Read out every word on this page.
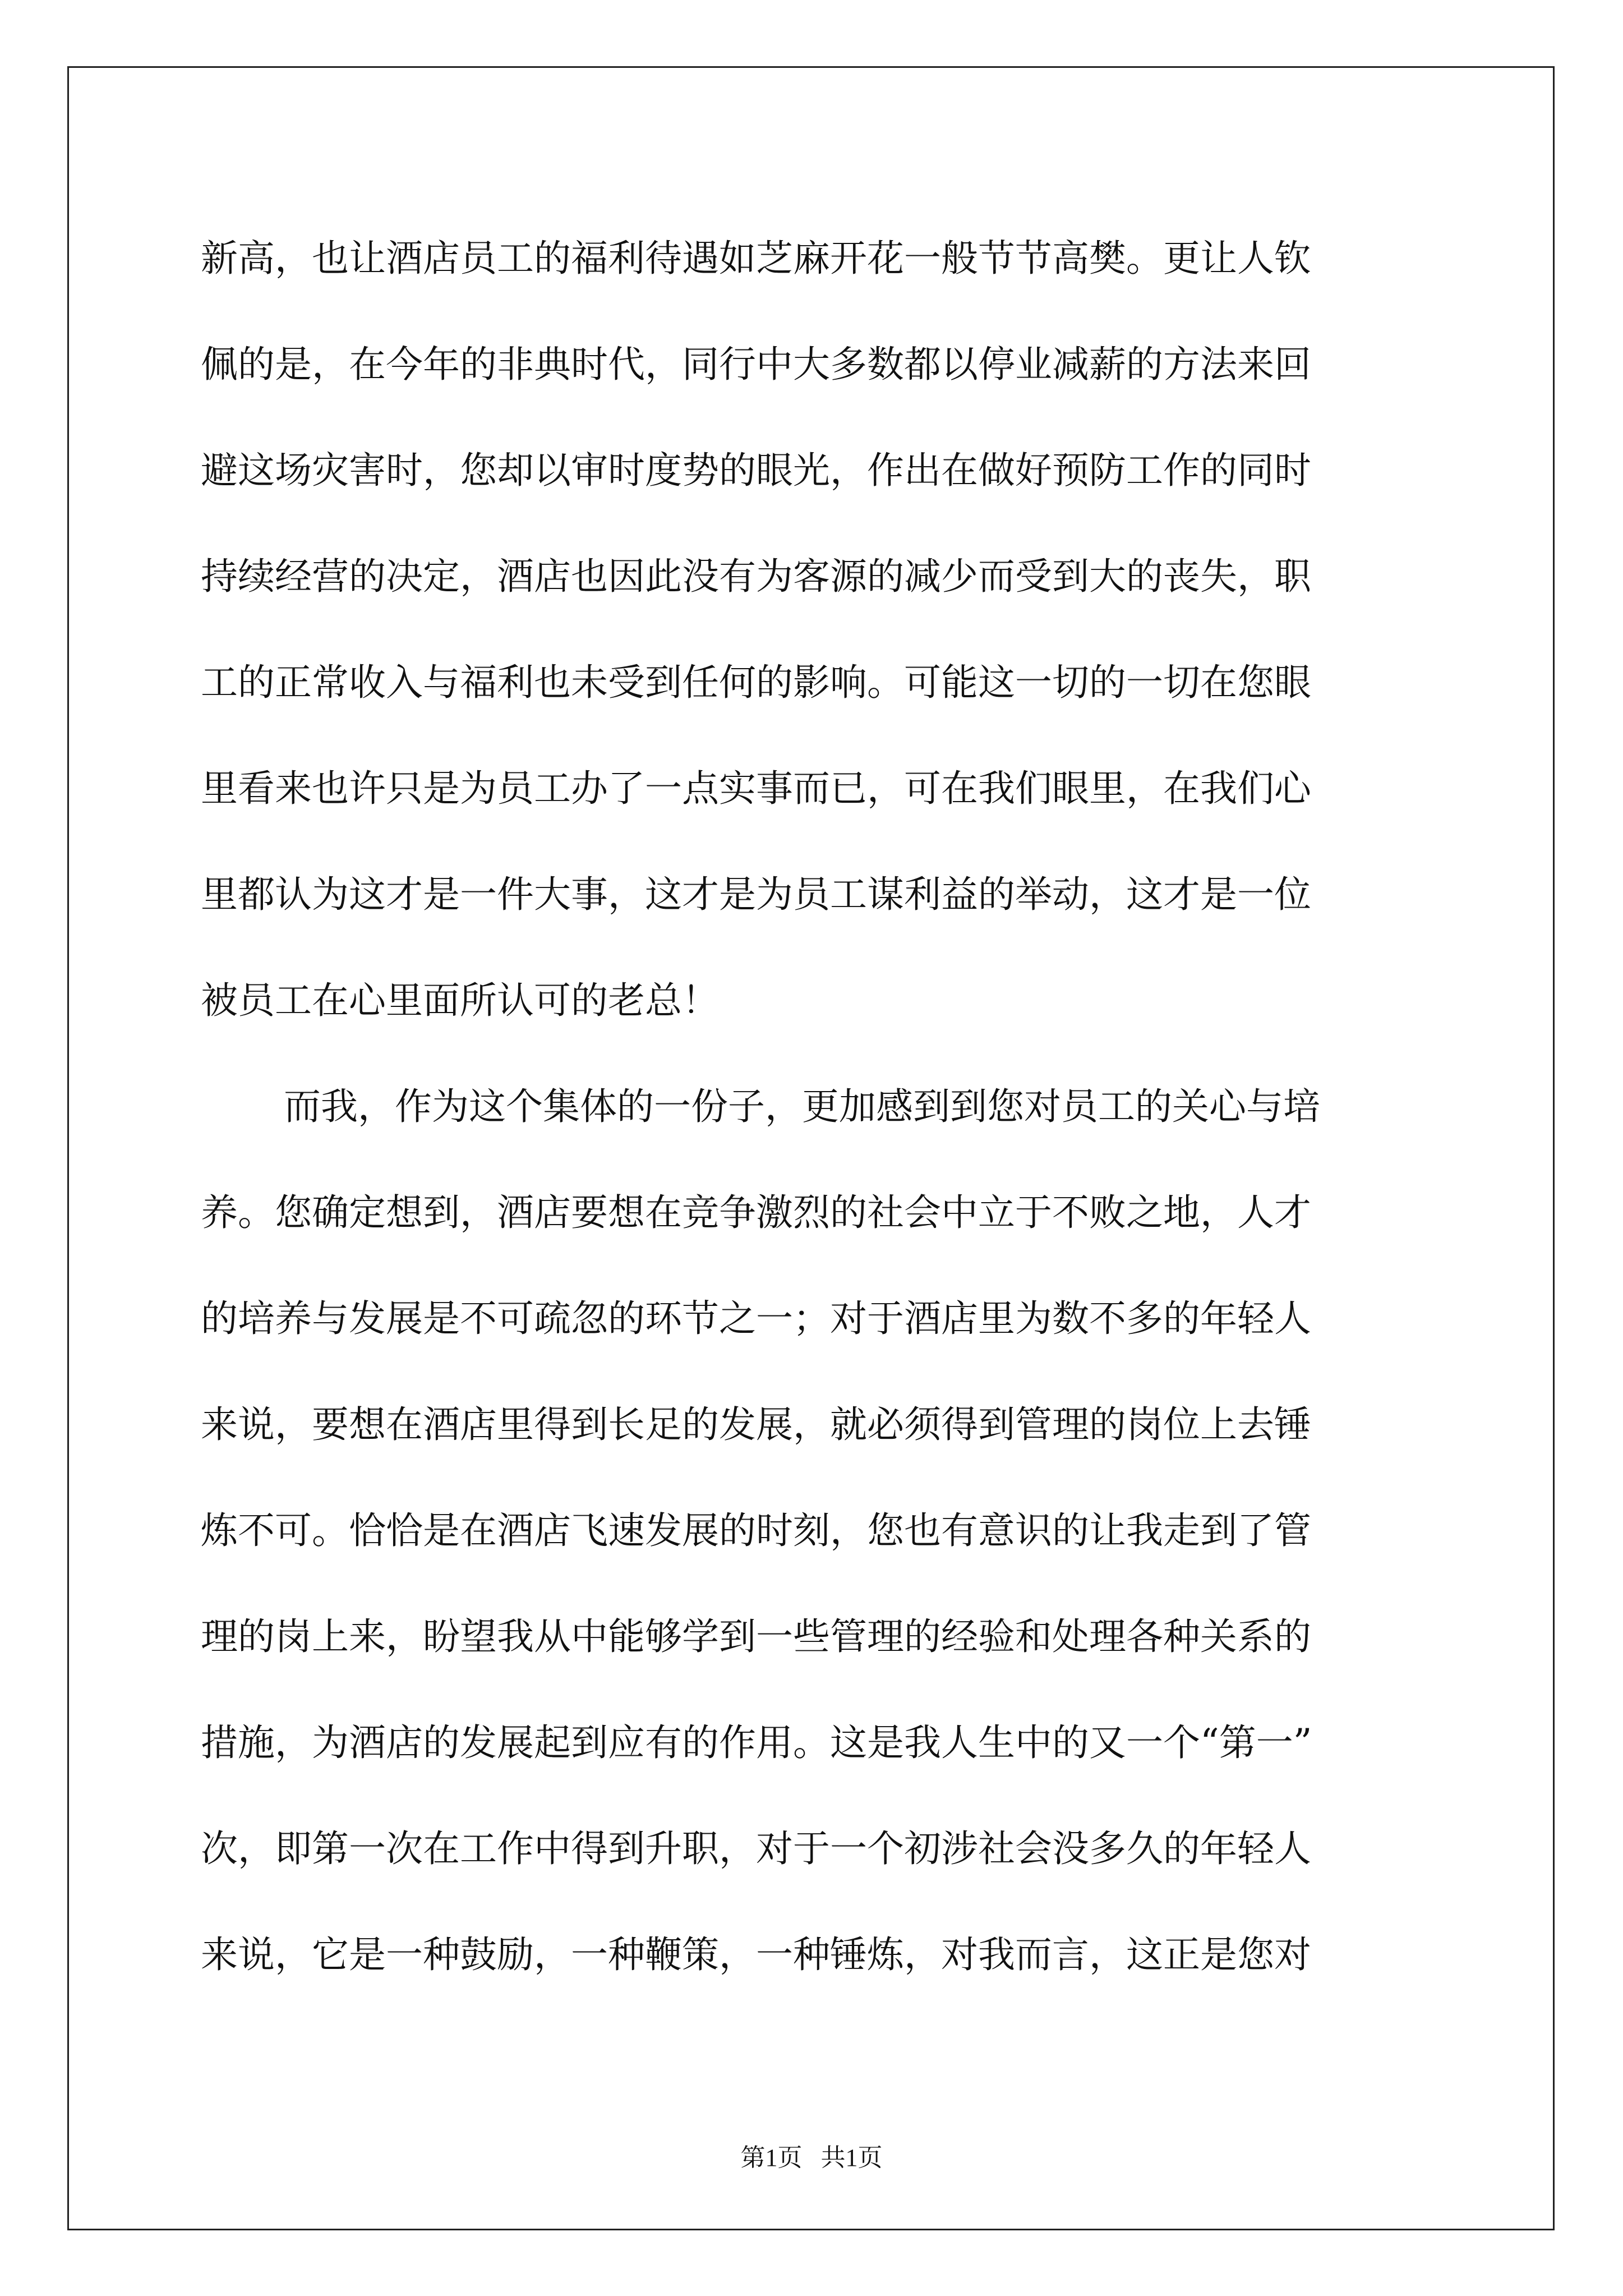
新高，也让酒店员工的福利待遇如芝麻开花一般节节高樊。更让人钦
佩的是，在今年的非典时代，同行中大多数都以停业减薪的方法来回
避这场灾害时，您却以审时度势的眼光，作出在做好预防工作的同时
持续经营的决定，酒店也因此没有为客源的减少而受到大的丧失，职
工的正常收入与福利也未受到任何的影响。可能这一切的一切在您眼
里看来也许只是为员工办了一点实事而已，可在我们眼里，在我们心
里都认为这才是一件大事，这才是为员工谋利益的举动，这才是一位
被员工在心里面所认可的老总！
而我，作为这个集体的一份子，更加感到到您对员工的关心与培
养。您确定想到，酒店要想在竞争激烈的社会中立于不败之地，人才
的培养与发展是不可疏忽的环节之一；对于酒店里为数不多的年轻人
来说，要想在酒店里得到长足的发展，就必须得到管理的岗位上去锤
炼不可。恰恰是在酒店飞速发展的时刻，您也有意识的让我走到了管
理的岗上来，盼望我从中能够学到一些管理的经验和处理各种关系的
措施，为酒店的发展起到应有的作用。这是我人生中的又一个“第一”
次，即第一次在工作中得到升职，对于一个初涉社会没多久的年轻人
来说，它是一种鼓励，一种鞭策，一种锤炼，对我而言，这正是您对
第1页   共1页
